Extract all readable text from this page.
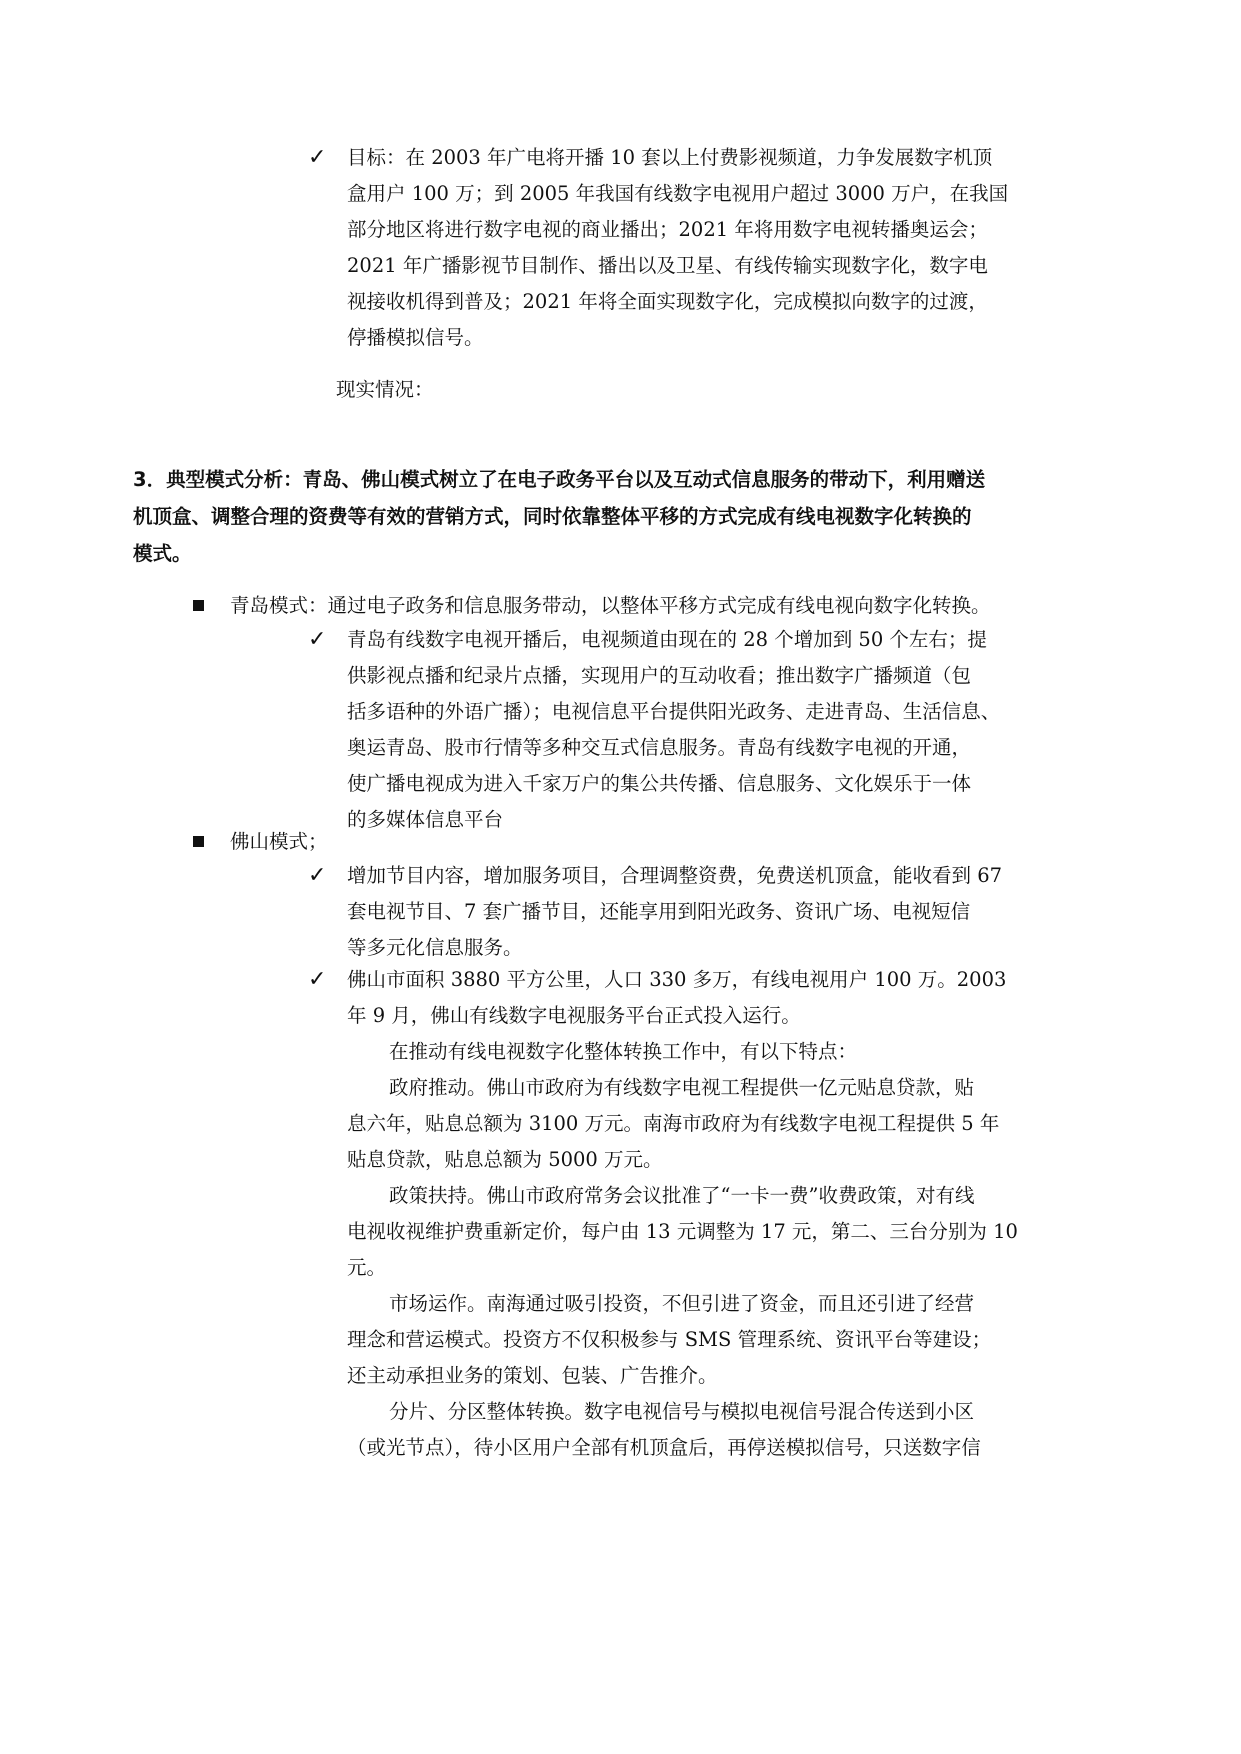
✓ 目标：在 2003 年广电将开播 10 套以上付费影视频道，力争发展数字机顶
盒用户 100 万；到 2005 年我国有线数字电视用户超过 3000 万户，在我国
部分地区将进行数字电视的商业播出；2021 年将用数字电视转播奥运会；
2021 年广播影视节目制作、播出以及卫星、有线传输实现数字化，数字电
视接收机得到普及；2021 年将全面实现数字化，完成模拟向数字的过渡，
停播模拟信号。
现实情况：
3．典型模式分析：青岛、佛山模式树立了在电子政务平台以及互动式信息服务的带动下，利用赠送
机顶盒、调整合理的资费等有效的营销方式，同时依靠整体平移的方式完成有线电视数字化转换的
模式。
青岛模式：通过电子政务和信息服务带动，以整体平移方式完成有线电视向数字化转换。
✓ 青岛有线数字电视开播后，电视频道由现在的 28 个增加到 50 个左右；提
供影视点播和纪录片点播，实现用户的互动收看；推出数字广播频道（包
括多语种的外语广播）；电视信息平台提供阳光政务、走进青岛、生活信息、
奥运青岛、股市行情等多种交互式信息服务。青岛有线数字电视的开通，
使广播电视成为进入千家万户的集公共传播、信息服务、文化娱乐于一体
的多媒体信息平台
佛山模式；
✓ 增加节目内容，增加服务项目，合理调整资费，免费送机顶盒，能收看到 67
套电视节目、7 套广播节目，还能享用到阳光政务、资讯广场、电视短信
等多元化信息服务。
✓ 佛山市面积 3880 平方公里，人口 330 多万，有线电视用户 100 万。2003
年 9 月，佛山有线数字电视服务平台正式投入运行。
在推动有线电视数字化整体转换工作中，有以下特点：
政府推动。佛山市政府为有线数字电视工程提供一亿元贴息贷款，贴
息六年，贴息总额为 3100 万元。南海市政府为有线数字电视工程提供 5 年
贴息贷款，贴息总额为 5000 万元。
政策扶持。佛山市政府常务会议批准了“一卡一费”收费政策，对有线
电视收视维护费重新定价，每户由 13 元调整为 17 元，第二、三台分别为 10
元。
市场运作。南海通过吸引投资，不但引进了资金，而且还引进了经营
理念和营运模式。投资方不仅积极参与 SMS 管理系统、资讯平台等建设；
还主动承担业务的策划、包装、广告推介。
分片、分区整体转换。数字电视信号与模拟电视信号混合传送到小区
（或光节点），待小区用户全部有机顶盒后，再停送模拟信号，只送数字信
